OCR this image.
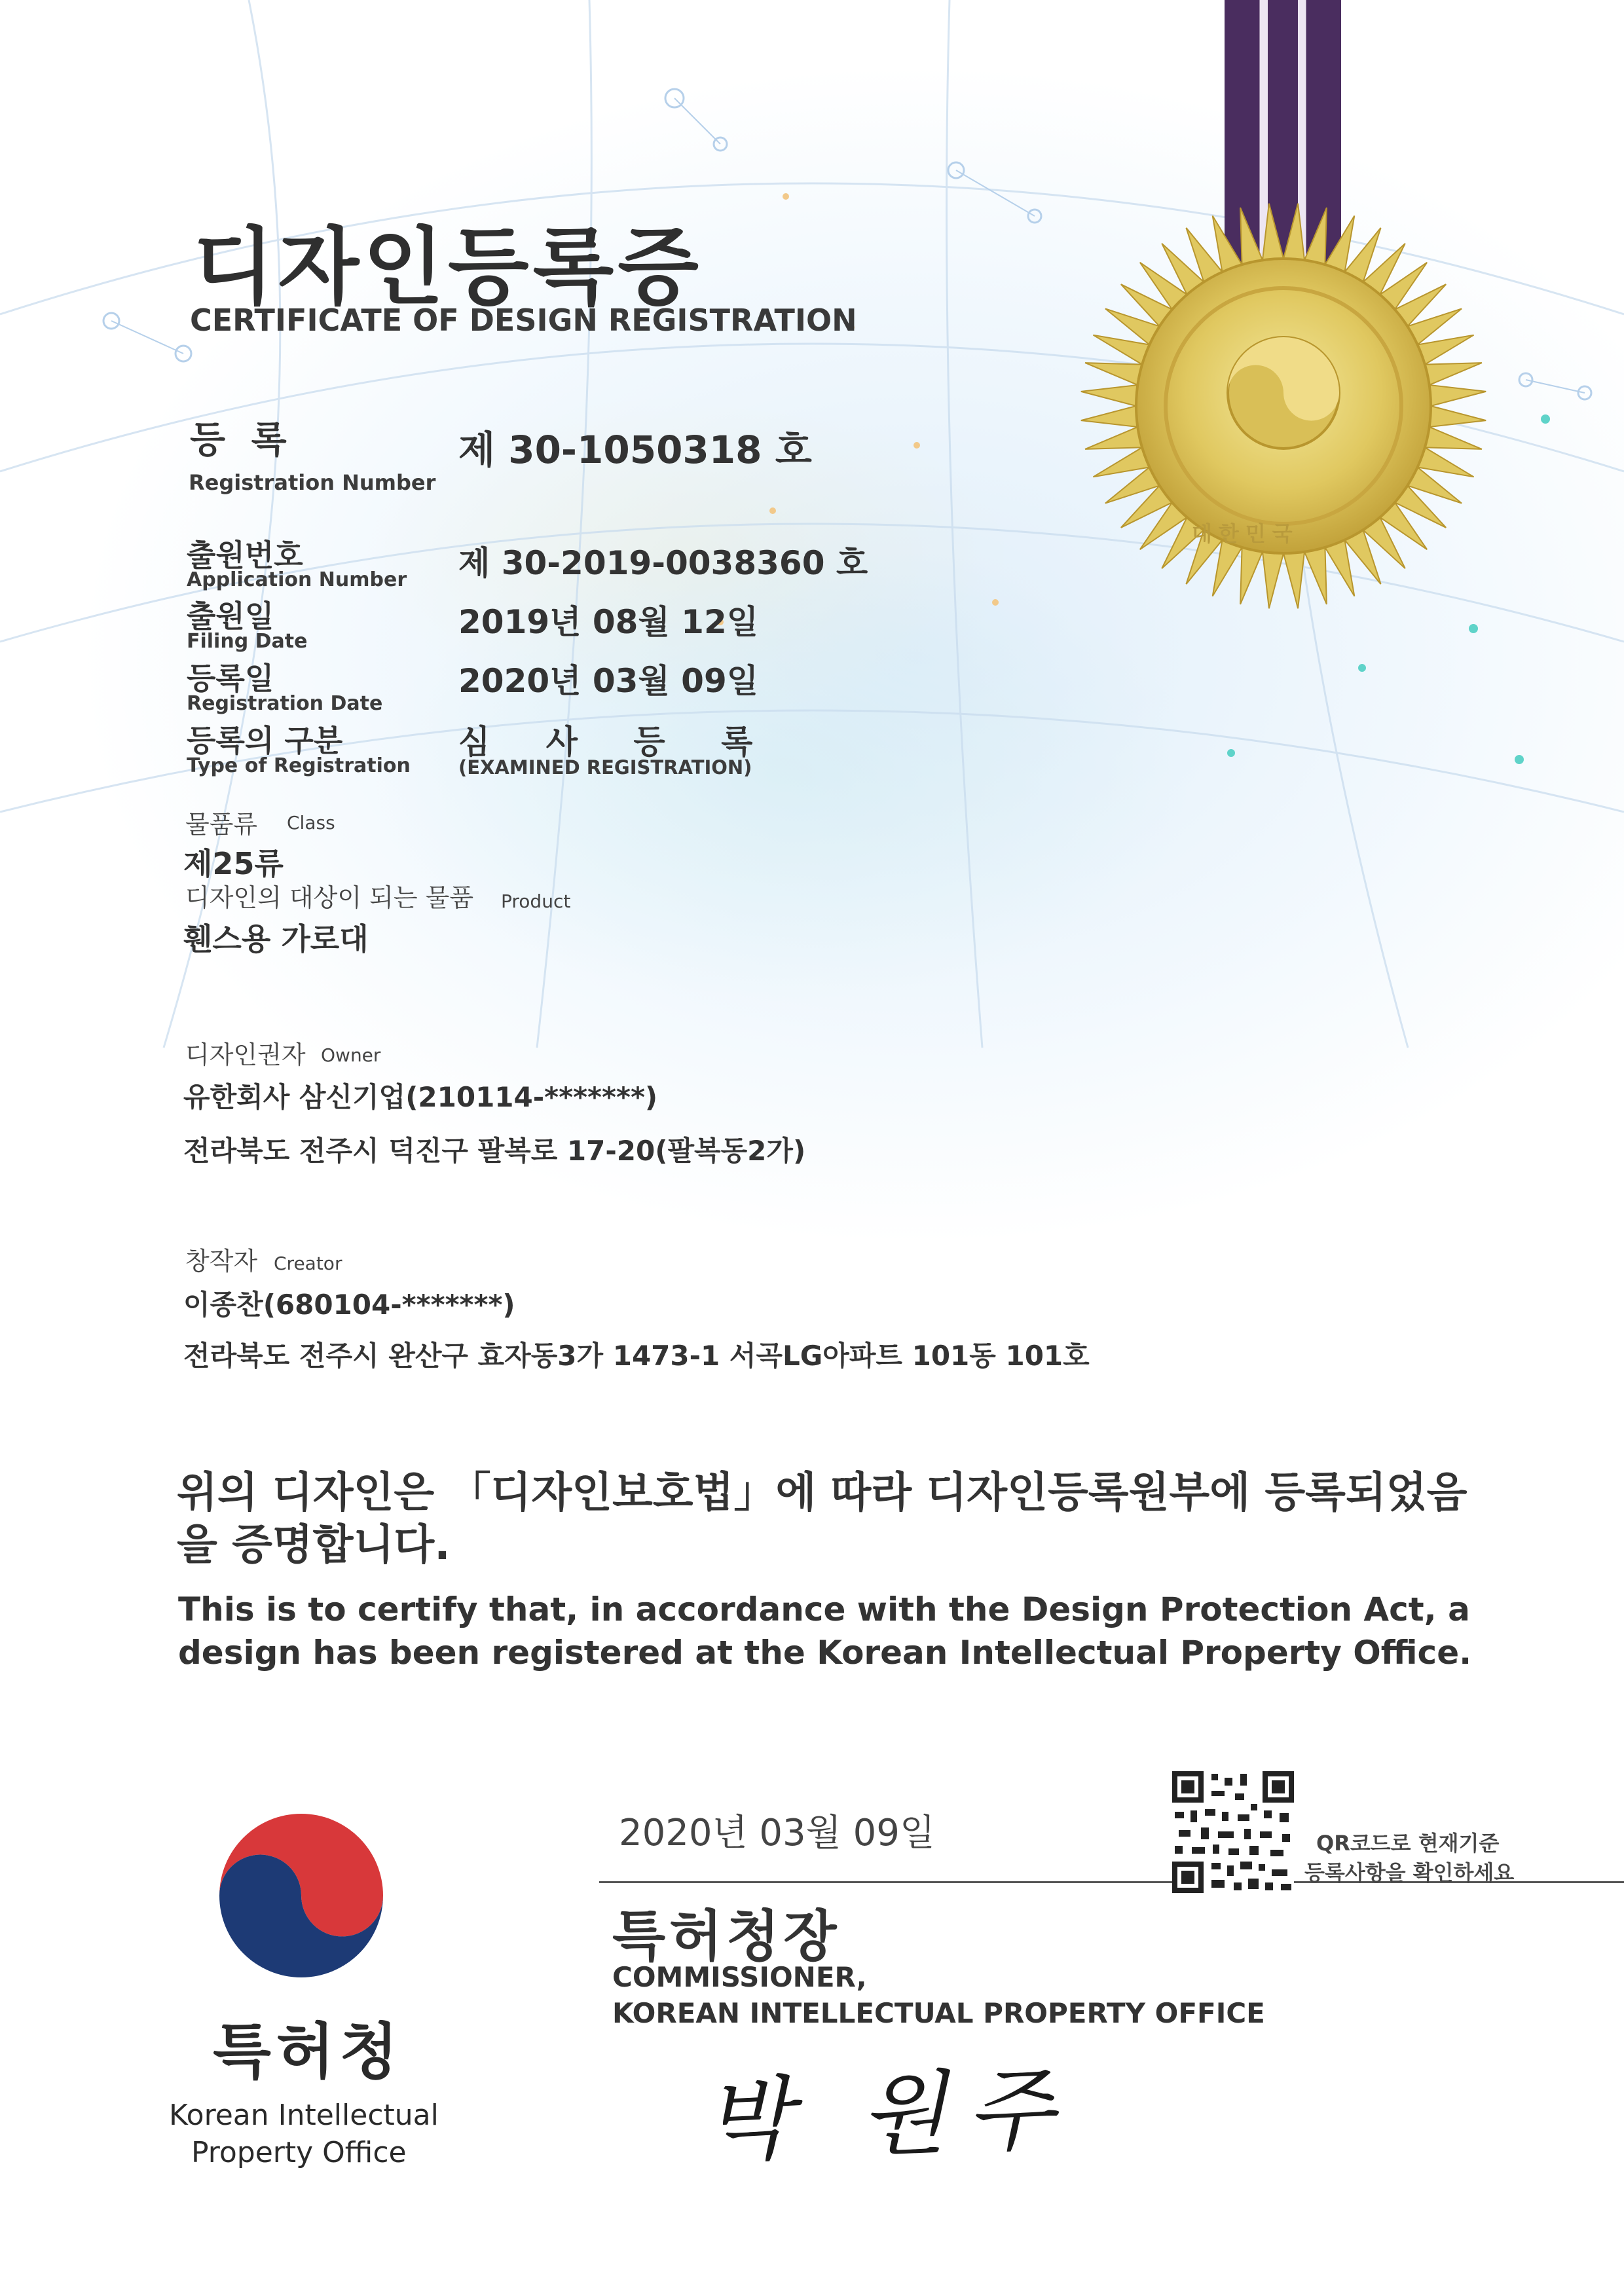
대한민국
디자인등록증
CERTIFICATE OF DESIGN REGISTRATION
등 록
Registration Number
제 30-1050318 호
출원번호
Application Number 제 30-2019-0038360 호
출원일
Filing Date
2019년 08월 12일
등록일
Registration Date
2020년 03월 09일
등록의 구분
Type of Registration
심 사 등 록
(EXAMINED REGISTRATION)
물품류 Class
제25류
디자인의 대상이 되는 물품 Product
휀스용 가로대
디자인권자 Owner
유한회사 삼신기업(210114-*******)
전라북도 전주시 덕진구 팔복로 17-20(팔복동2가)
창작자 Creator
이종찬(680104-*******)
전라북도 전주시 완산구 효자동3가 1473-1 서곡LG아파트 101동 101호
위의 디자인은 「디자인보호법」에 따라 디자인등록원부에 등록되었음을 증명합니다.
This is to certify that, in accordance with the Design Protection Act, a design has been registered at the Korean Intellectual Property Office.
특허청
Korean Intellectual
Property Office
2020년 03월 09일	QR코드로 현재기준
등록사항을 확인하세요
특허청장
COMMISSIONER,
KOREAN INTELLECTUAL PROPERTY OFFICE
박 원주
